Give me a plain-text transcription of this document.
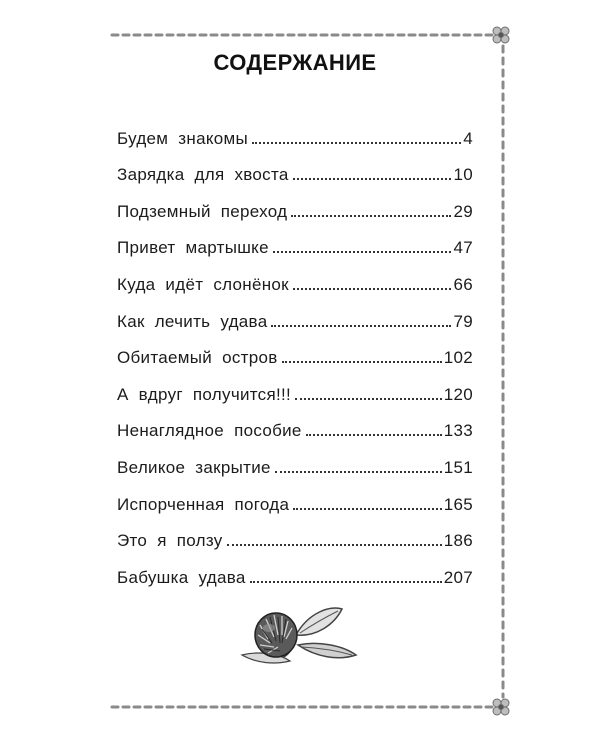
СОДЕРЖАНИЕ
Будем знакомы	4
Зарядка для хвоста	10
Подземный переход	29
Привет мартышке	47
Куда идёт слонёнок	66
Как лечить удава	79
Обитаемый остров	102
А вдруг получится!!!	120
Ненаглядное пособие	133
Великое закрытие	151
Испорченная погода	165
Это я ползу	186
Бабушка удава	207
